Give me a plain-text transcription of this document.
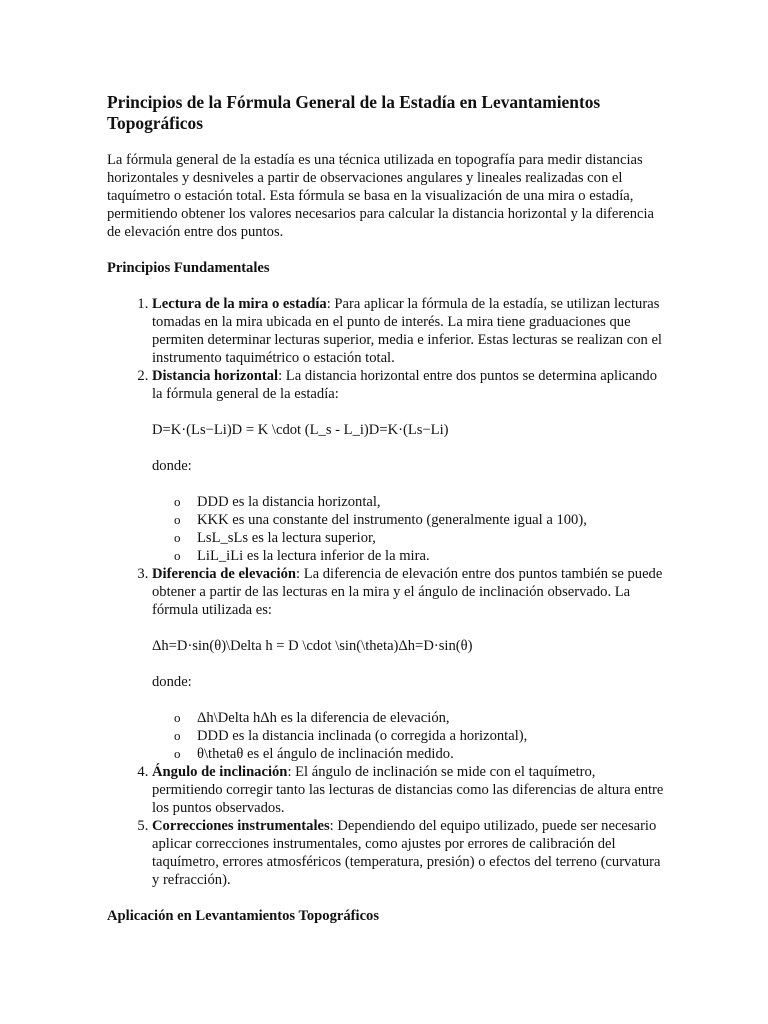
Principios de la Fórmula General de la Estadía en Levantamientos Topográficos

La fórmula general de la estadía es una técnica utilizada en topografía para medir distancias horizontales y desniveles a partir de observaciones angulares y lineales realizadas con el taquímetro o estación total. Esta fórmula se basa en la visualización de una mira o estadía, permitiendo obtener los valores necesarios para calcular la distancia horizontal y la diferencia de elevación entre dos puntos.

Principios Fundamentales
1. Lectura de la mira o estadía: Para aplicar la fórmula de la estadía, se utilizan lecturas tomadas en la mira ubicada en el punto de interés. La mira tiene graduaciones que permiten determinar lecturas superior, media e inferior. Estas lecturas se realizan con el instrumento taquimétrico o estación total.
2. Distancia horizontal: La distancia horizontal entre dos puntos se determina aplicando la fórmula general de la estadía:

D=K·(Ls−Li)D = K \cdot (L_s - L_i)D=K·(Ls−Li)

donde:

o DDD es la distancia horizontal,
o KKK es una constante del instrumento (generalmente igual a 100),
o LsL_sLs es la lectura superior,
o LiL_iLi es la lectura inferior de la mira.
3. Diferencia de elevación: La diferencia de elevación entre dos puntos también se puede obtener a partir de las lecturas en la mira y el ángulo de inclinación observado. La fórmula utilizada es:

Δh=D·sin(θ)\Delta h = D \cdot \sin(\theta)Δh=D·sin(θ)

donde:

o Δh\Delta hΔh es la diferencia de elevación,
o DDD es la distancia inclinada (o corregida a horizontal),
o θ\thetaθ es el ángulo de inclinación medido.
4. Ángulo de inclinación: El ángulo de inclinación se mide con el taquímetro, permitiendo corregir tanto las lecturas de distancias como las diferencias de altura entre los puntos observados.
5. Correcciones instrumentales: Dependiendo del equipo utilizado, puede ser necesario aplicar correcciones instrumentales, como ajustes por errores de calibración del taquímetro, errores atmosféricos (temperatura, presión) o efectos del terreno (curvatura y refracción).
Aplicación en Levantamientos Topográficos
